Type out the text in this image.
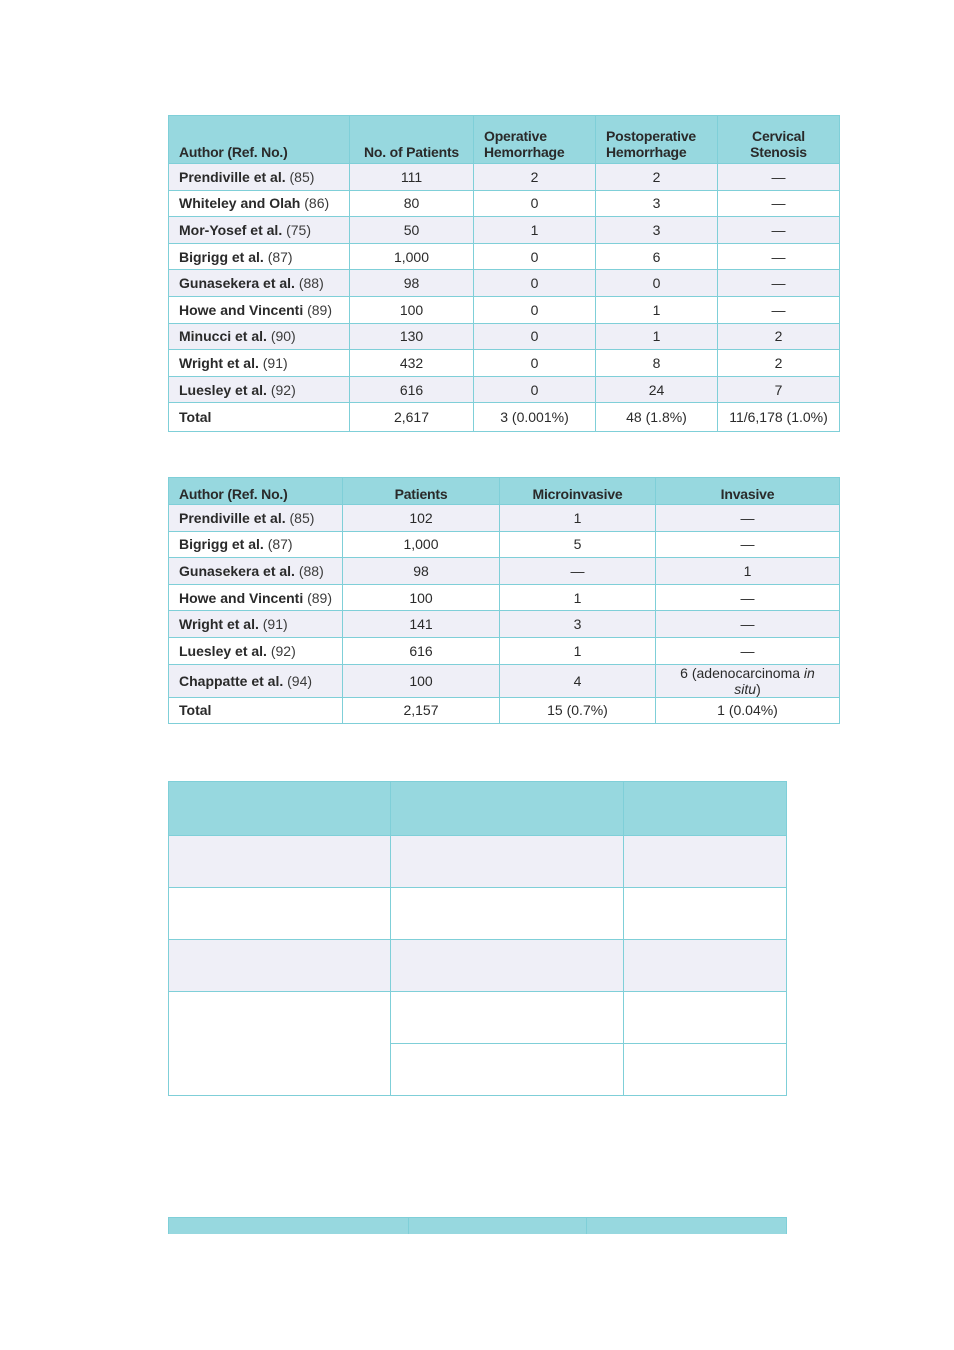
Author (Ref. No.)	No. of Patients	Operative Hemorrhage	Postoperative Hemorrhage	Cervical Stenosis
Prendiville et al. (85)	111	2	2	—
Whiteley and Olah (86)	80	0	3	—
Mor-Yosef et al. (75)	50	1	3	—
Bigrigg et al. (87)	1,000	0	6	—
Gunasekera et al. (88)	98	0	0	—
Howe and Vincenti (89)	100	0	1	—
Minucci et al. (90)	130	0	1	2
Wright et al. (91)	432	0	8	2
Luesley et al. (92)	616	0	24	7
Total	2,617	3 (0.001%)	48 (1.8%)	11/6,178 (1.0%)
Author (Ref. No.)	Patients	Microinvasive	Invasive
Prendiville et al. (85)	102	1	—
Bigrigg et al. (87)	1,000	5	—
Gunasekera et al. (88)	98	—	1
Howe and Vincenti (89)	100	1	—
Wright et al. (91)	141	3	—
Luesley et al. (92)	616	1	—
Chappatte et al. (94)	100	4	6 (adenocarcinoma in situ)
Total	2,157	15 (0.7%)	1 (0.04%)
